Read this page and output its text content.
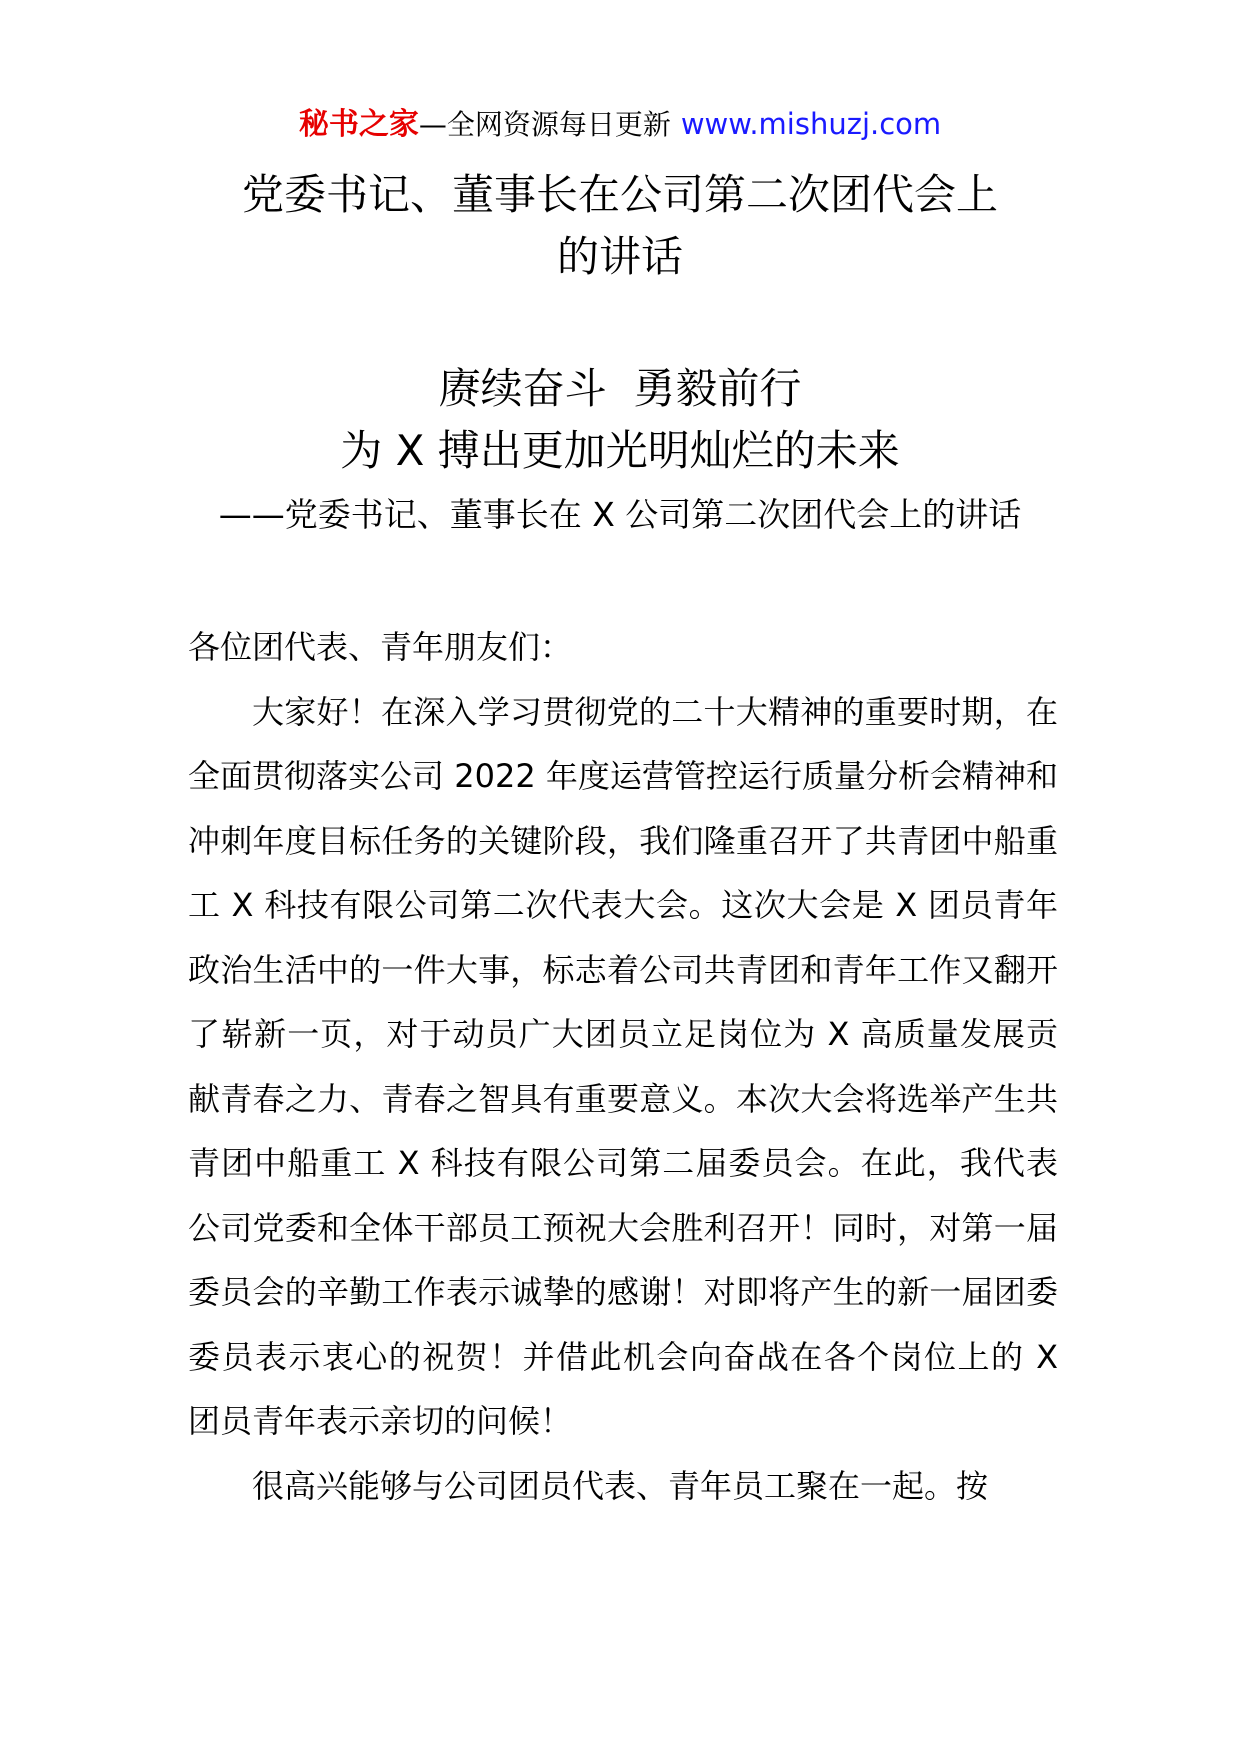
秘书之家—全网资源每日更新 www.mishuzj.com
党委书记、董事长在公司第二次团代会上
的讲话
赓续奋斗  勇毅前行
为 X 搏出更加光明灿烂的未来
——党委书记、董事长在 X 公司第二次团代会上的讲话

各位团代表、青年朋友们：

大家好！在深入学习贯彻党的二十大精神的重要时期，在全面贯彻落实公司 2022 年度运营管控运行质量分析会精神和冲刺年度目标任务的关键阶段，我们隆重召开了共青团中船重工 X 科技有限公司第二次代表大会。这次大会是 X 团员青年政治生活中的一件大事，标志着公司共青团和青年工作又翻开了崭新一页，对于动员广大团员立足岗位为 X 高质量发展贡献青春之力、青春之智具有重要意义。本次大会将选举产生共青团中船重工 X 科技有限公司第二届委员会。在此，我代表公司党委和全体干部员工预祝大会胜利召开！同时，对第一届委员会的辛勤工作表示诚挚的感谢！对即将产生的新一届团委委员表示衷心的祝贺！并借此机会向奋战在各个岗位上的 X 团员青年表示亲切的问候！

很高兴能够与公司团员代表、青年员工聚在一起。按
